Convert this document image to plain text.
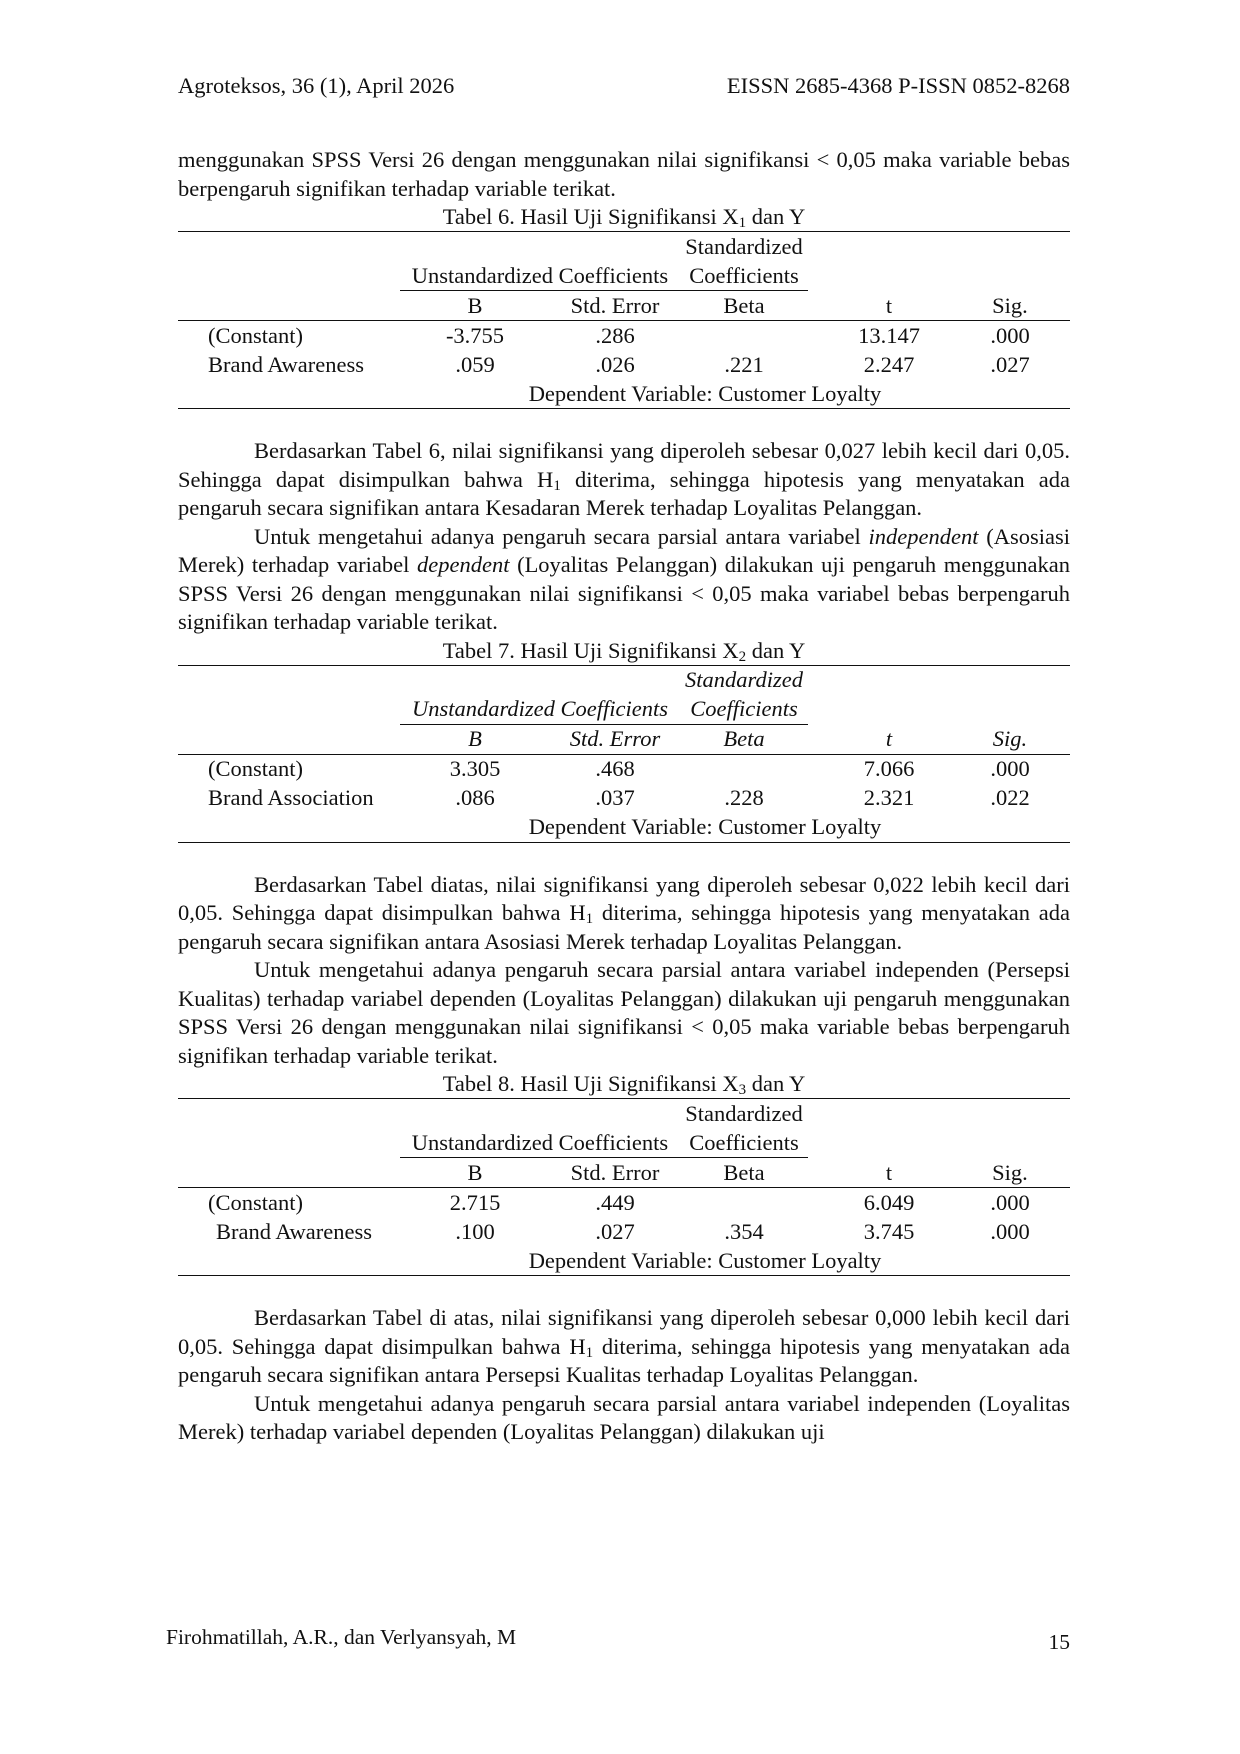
Agroteksos, 36 (1), April 2026	EISSN 2685-4368 P-ISSN 0852-8268

menggunakan SPSS Versi 26 dengan menggunakan nilai signifikansi < 0,05 maka variable bebas berpengaruh signifikan terhadap variable terikat.

Tabel 6. Hasil Uji Signifikansi $X_1$ dan Y
			Standardized		
	Unstandardized Coefficients		Coefficients		
	B	Std. Error	Beta	t	Sig.
(Constant)	-3.755	.286		13.147	.000
Brand Awareness	.059	.026	.221	2.247	.027
	Dependent Variable: Customer Loyalty				

Berdasarkan Tabel 6, nilai signifikansi yang diperoleh sebesar 0,027 lebih kecil dari 0,05. Sehingga dapat disimpulkan bahwa $H_1$ diterima, sehingga hipotesis yang menyatakan ada pengaruh secara signifikan antara Kesadaran Merek terhadap Loyalitas Pelanggan.

Untuk mengetahui adanya pengaruh secara parsial antara variabel independent (Asosiasi Merek) terhadap variabel dependent (Loyalitas Pelanggan) dilakukan uji pengaruh menggunakan SPSS Versi 26 dengan menggunakan nilai signifikansi < 0,05 maka variabel bebas berpengaruh signifikan terhadap variable terikat.

Tabel 7. Hasil Uji Signifikansi $X_2$ dan Y
			Standardized		
	Unstandardized Coefficients		Coefficients		
	B	Std. Error	Beta	t	Sig.
(Constant)	3.305	.468		7.066	.000
Brand Association	.086	.037	.228	2.321	.022
	Dependent Variable: Customer Loyalty				

Berdasarkan Tabel diatas, nilai signifikansi yang diperoleh sebesar 0,022 lebih kecil dari 0,05. Sehingga dapat disimpulkan bahwa $H_1$ diterima, sehingga hipotesis yang menyatakan ada pengaruh secara signifikan antara Asosiasi Merek terhadap Loyalitas Pelanggan.

Untuk mengetahui adanya pengaruh secara parsial antara variabel independen (Persepsi Kualitas) terhadap variabel dependen (Loyalitas Pelanggan) dilakukan uji pengaruh menggunakan SPSS Versi 26 dengan menggunakan nilai signifikansi < 0,05 maka variable bebas berpengaruh signifikan terhadap variable terikat.

Tabel 8. Hasil Uji Signifikansi $X_3$ dan Y
			Standardized		
	Unstandardized Coefficients		Coefficients		
	B	Std. Error	Beta	t	Sig.
(Constant)	2.715	.449		6.049	.000
Brand Awareness	.100	.027	.354	3.745	.000
	Dependent Variable: Customer Loyalty				

Berdasarkan Tabel di atas, nilai signifikansi yang diperoleh sebesar 0,000 lebih kecil dari 0,05. Sehingga dapat disimpulkan bahwa $H_1$ diterima, sehingga hipotesis yang menyatakan ada pengaruh secara signifikan antara Persepsi Kualitas terhadap Loyalitas Pelanggan.

Untuk mengetahui adanya pengaruh secara parsial antara variabel independen (Loyalitas Merek) terhadap variabel dependen (Loyalitas Pelanggan) dilakukan uji

Firohmatillah, A.R., dan Verlyansyah, M	15
